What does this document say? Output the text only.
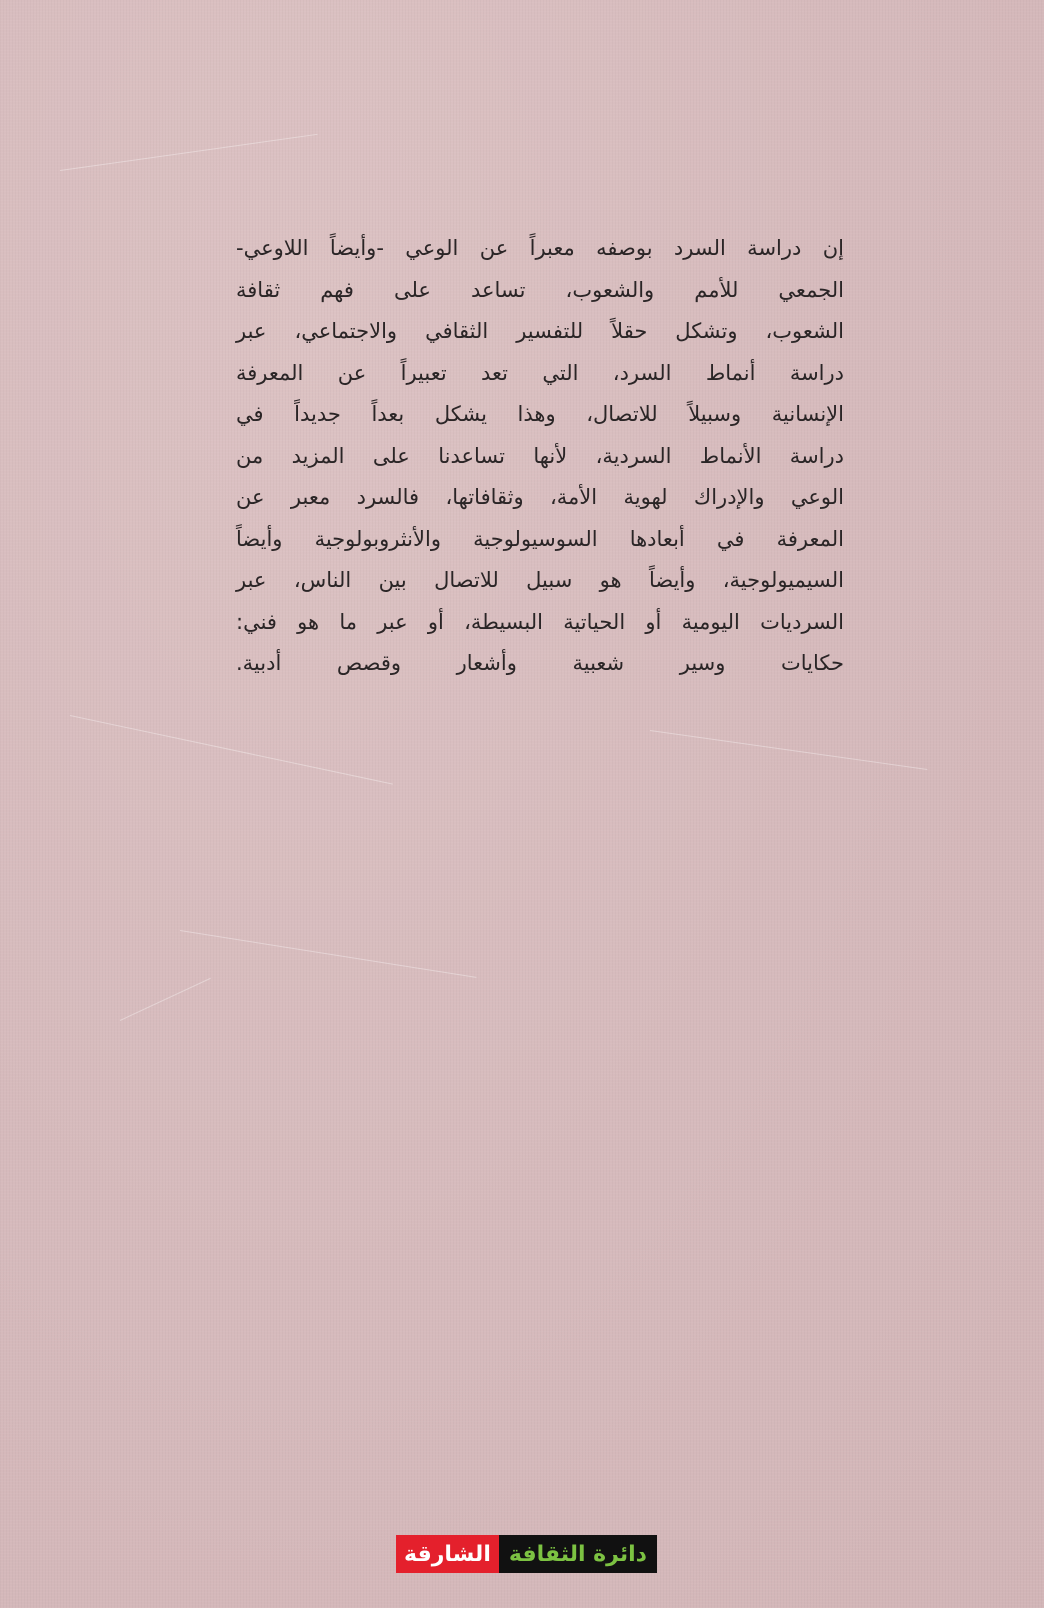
إن دراسة السرد بوصفه معبراً عن الوعي -وأيضاً اللاوعي-
الجمعي للأمم والشعوب، تساعد على فهم ثقافة
الشعوب، وتشكل حقلاً للتفسير الثقافي والاجتماعي، عبر
دراسة أنماط السرد، التي تعد تعبيراً عن المعرفة
الإنسانية وسبيلاً للاتصال، وهذا يشكل بعداً جديداً في
دراسة الأنماط السردية، لأنها تساعدنا على المزيد من
الوعي والإدراك لهوية الأمة، وثقافاتها، فالسرد معبر عن
المعرفة في أبعادها السوسيولوجية والأنثروبولوجية وأيضاً
السيميولوجية، وأيضاً هو سبيل للاتصال بين الناس، عبر
السرديات اليومية أو الحياتية البسيطة، أو عبر ما هو فني:
حكايات وسير شعبية وأشعار وقصص أدبية.
الشارقة دائرة الثقافة
